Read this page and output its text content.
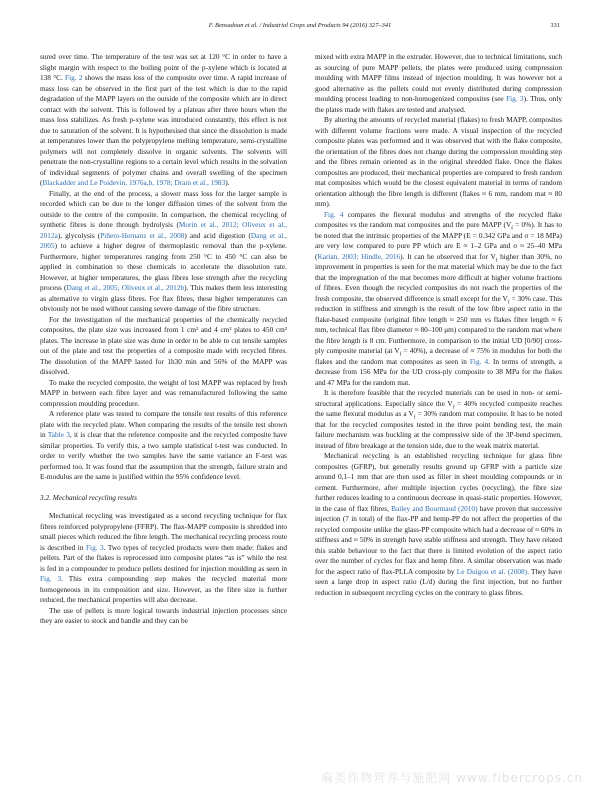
F. Bensadoun et al. / Industrial Crops and Products 94 (2016) 327–341	331

sured over time. The temperature of the test was set at 120 °C in order to have a slight margin with respect to the boiling point of the p-xylene which is located at 138 °C. Fig. 2 shows the mass loss of the composite over time. A rapid increase of mass loss can be observed in the first part of the test which is due to the rapid degradation of the MAPP layers on the outside of the composite which are in direct contact with the solvent. This is followed by a plateau after three hours when the mass loss stabilizes. As fresh p-xylene was introduced constantly, this effect is not due to saturation of the solvent. It is hypothesised that since the dissolution is made at temperatures lower than the polypropylene melting temperature, semi-crystalline polymers will not completely dissolve in organic solvents. The solvents will penetrate the non-crystalline regions to a certain level which results in the solvation of individual segments of polymer chains and overall swelling of the specimen (Blackadder and Le Poidevin, 1976a,b, 1978; Drain et al., 1983).

Finally, at the end of the process, a slower mass loss for the larger sample is recorded which can be due to the longer diffusion times of the solvent from the outside to the centre of the composite. In comparison, the chemical recycling of synthetic fibres is done through hydrolysis (Morin et al., 2012; Oliveux et al., 2012a), glycolysis (Piñero-Hernanz et al., 2008) and acid digestion (Dang et al., 2005) to achieve a higher degree of thermoplastic removal than the p-xylene. Furthermore, higher temperatures ranging from 250 °C to 450 °C can also be applied in combination to these chemicals to accelerate the dissolution rate. However, at higher temperatures, the glass fibres lose strength after the recycling process (Dang et al., 2005; Oliveux et al., 2012b). This makes them less interesting as alternative to virgin glass fibres. For flax fibres, these higher temperatures can obviously not be used without causing severe damage of the fibre structure.

For the investigation of the mechanical properties of the chemically recycled composites, the plate size was increased from 1 cm² and 4 cm² plates to 450 cm² plates. The increase in plate size was done in order to be able to cut tensile samples out of the plate and test the properties of a composite made with recycled fibres. The dissolution of the MAPP lasted for 1h30 min and 56% of the MAPP was dissolved.

To make the recycled composite, the weight of lost MAPP was replaced by fresh MAPP in between each fibre layer and was remanufactured following the same compression moulding procedure.

A reference plate was tested to compare the tensile test results of this reference plate with the recycled plate. When comparing the results of the tensile test shown in Table 3, it is clear that the reference composite and the recycled composite have similar properties. To verify this, a two sample statistical t-test was conducted. In order to verify whether the two samples have the same variance an F-test was performed too. It was found that the assumption that the strength, failure strain and E-modulus are the same is justified within the 95% confidence level.

3.2. Mechanical recycling results

Mechanical recycling was investigated as a second recycling technique for flax fibres reinforced polypropylene (FFRP). The flax-MAPP composite is shredded into small pieces which reduced the fibre length. The mechanical recycling process route is described in Fig. 3. Two types of recycled products were then made: flakes and pellets. Part of the flakes is reprocessed into composite plates “as is” while the rest is fed in a compounder to produce pellets destined for injection moulding as seen in Fig. 3. This extra compounding step makes the recycled material more homogeneous in its composition and size. However, as the fibre size is further reduced, the mechanical properties will also decrease.

The use of pellets is more logical towards industrial injection processes since they are easier to stock and handle and they can be

mixed with extra MAPP in the extruder. However, due to technical limitations, such as sourcing of pure MAPP pellets, the plates were produced using compression moulding with MAPP films instead of injection moulding. It was however not a good alternative as the pellets could not evenly distributed during compression moulding process leading to non-homogenized composites (see Fig. 3). Thus, only the plates made with flakes are tested and analysed.

By altering the amounts of recycled material (flakes) to fresh MAPP, composites with different volume fractions were made. A visual inspection of the recycled composite plates was performed and it was observed that with the flake composite, the orientation of the fibres does not change during the compression moulding step and the fibres remain oriented as in the original shredded flake. Once the flakes composites are produced, their mechanical properties are compared to fresh random mat composites which would be the closest equivalent material in terms of random orientation although the fibre length is different (flakes ≈ 6 mm, random mat ≈ 80 mm).

Fig. 4 compares the flexural modulus and strengths of the recycled flake composites vs the random mat composites and the pure MAPP $(V_f = 0\%)$. It has to be noted that the intrinsic properties of the MAPP (E = 0.342 GPa and σ = 18 MPa) are very low compared to pure PP which are E ≈ 1–2 GPa and σ ≈ 25–40 MPa (Karian, 2003; Hindle, 2016). It can be observed that for $V_f$ higher than 30%, no improvement in properties is seen for the mat material which may be due to the fact that the impregnation of the mat becomes more difficult at higher volume fractions of fibres. Even though the recycled composites do not reach the properties of the fresh composite, the observed difference is small except for the $V_f = 30\%$ case. This reduction in stiffness and strength is the result of the low fibre aspect ratio in the flake-based composite (original fibre length ≈ 250 mm vs flakes fibre length ≈ 6 mm, technical flax fibre diameter ≈ 80–100 μm) compared to the random mat where the fibre length is 8 cm. Furthermore, in comparison to the initial UD [0/90] cross-ply composite material (at $V_f = 40\%$), a decrease of ≈ 75% in modulus for both the flakes and the random mat composites as seen in Fig. 4. In terms of strength, a decrease from 156 MPa for the UD cross-ply composite to 38 MPa for the flakes and 47 MPa for the random mat.

It is therefore feasible that the recycled materials can be used in non- or semi-structural applications. Especially since the $V_f = 40\%$ recycled composite reaches the same flexural modulus as a $V_f = 30\%$ random mat composite. It has to be noted that for the recycled composites tested in the three point bending test, the main failure mechanism was buckling at the compressive side of the 3P-bend specimen, instead of fibre breakage at the tension side, due to the weak matrix material.

Mechanical recycling is an established recycling technique for glass fibre composites (GFRP), but generally results ground up GFRP with a particle size around 0,1–1 mm that are then used as filler in sheet moulding compounds or in cement. Furthermore, after multiple injection cycles (recycling), the fibre size further reduces leading to a continuous decrease in quasi-static properties. However, in the case of flax fibres, Bailey and Bourmaud (2010) have proven that successive injection (7 in total) of the flax-PP and hemp-PP do not affect the properties of the recycled composite unlike the glass-PP composite which had a decrease of ≈ 60% in stiffness and ≈ 50% in strength have stable stiffness and strength. They have related this stable behaviour to the fact that there is limited evolution of the aspect ratio over the number of cycles for flax and hemp fibre. A similar observation was made for the aspect ratio of flax-PLLA composite by Le Duigou et al. (2008). They have seen a large drop in aspect ratio (L/d) during the first injection, but no further reduction in subsequent recycling cycles on the contrary to glass fibres.

麻类作物营养与施肥网 www.fibercrops.cn
